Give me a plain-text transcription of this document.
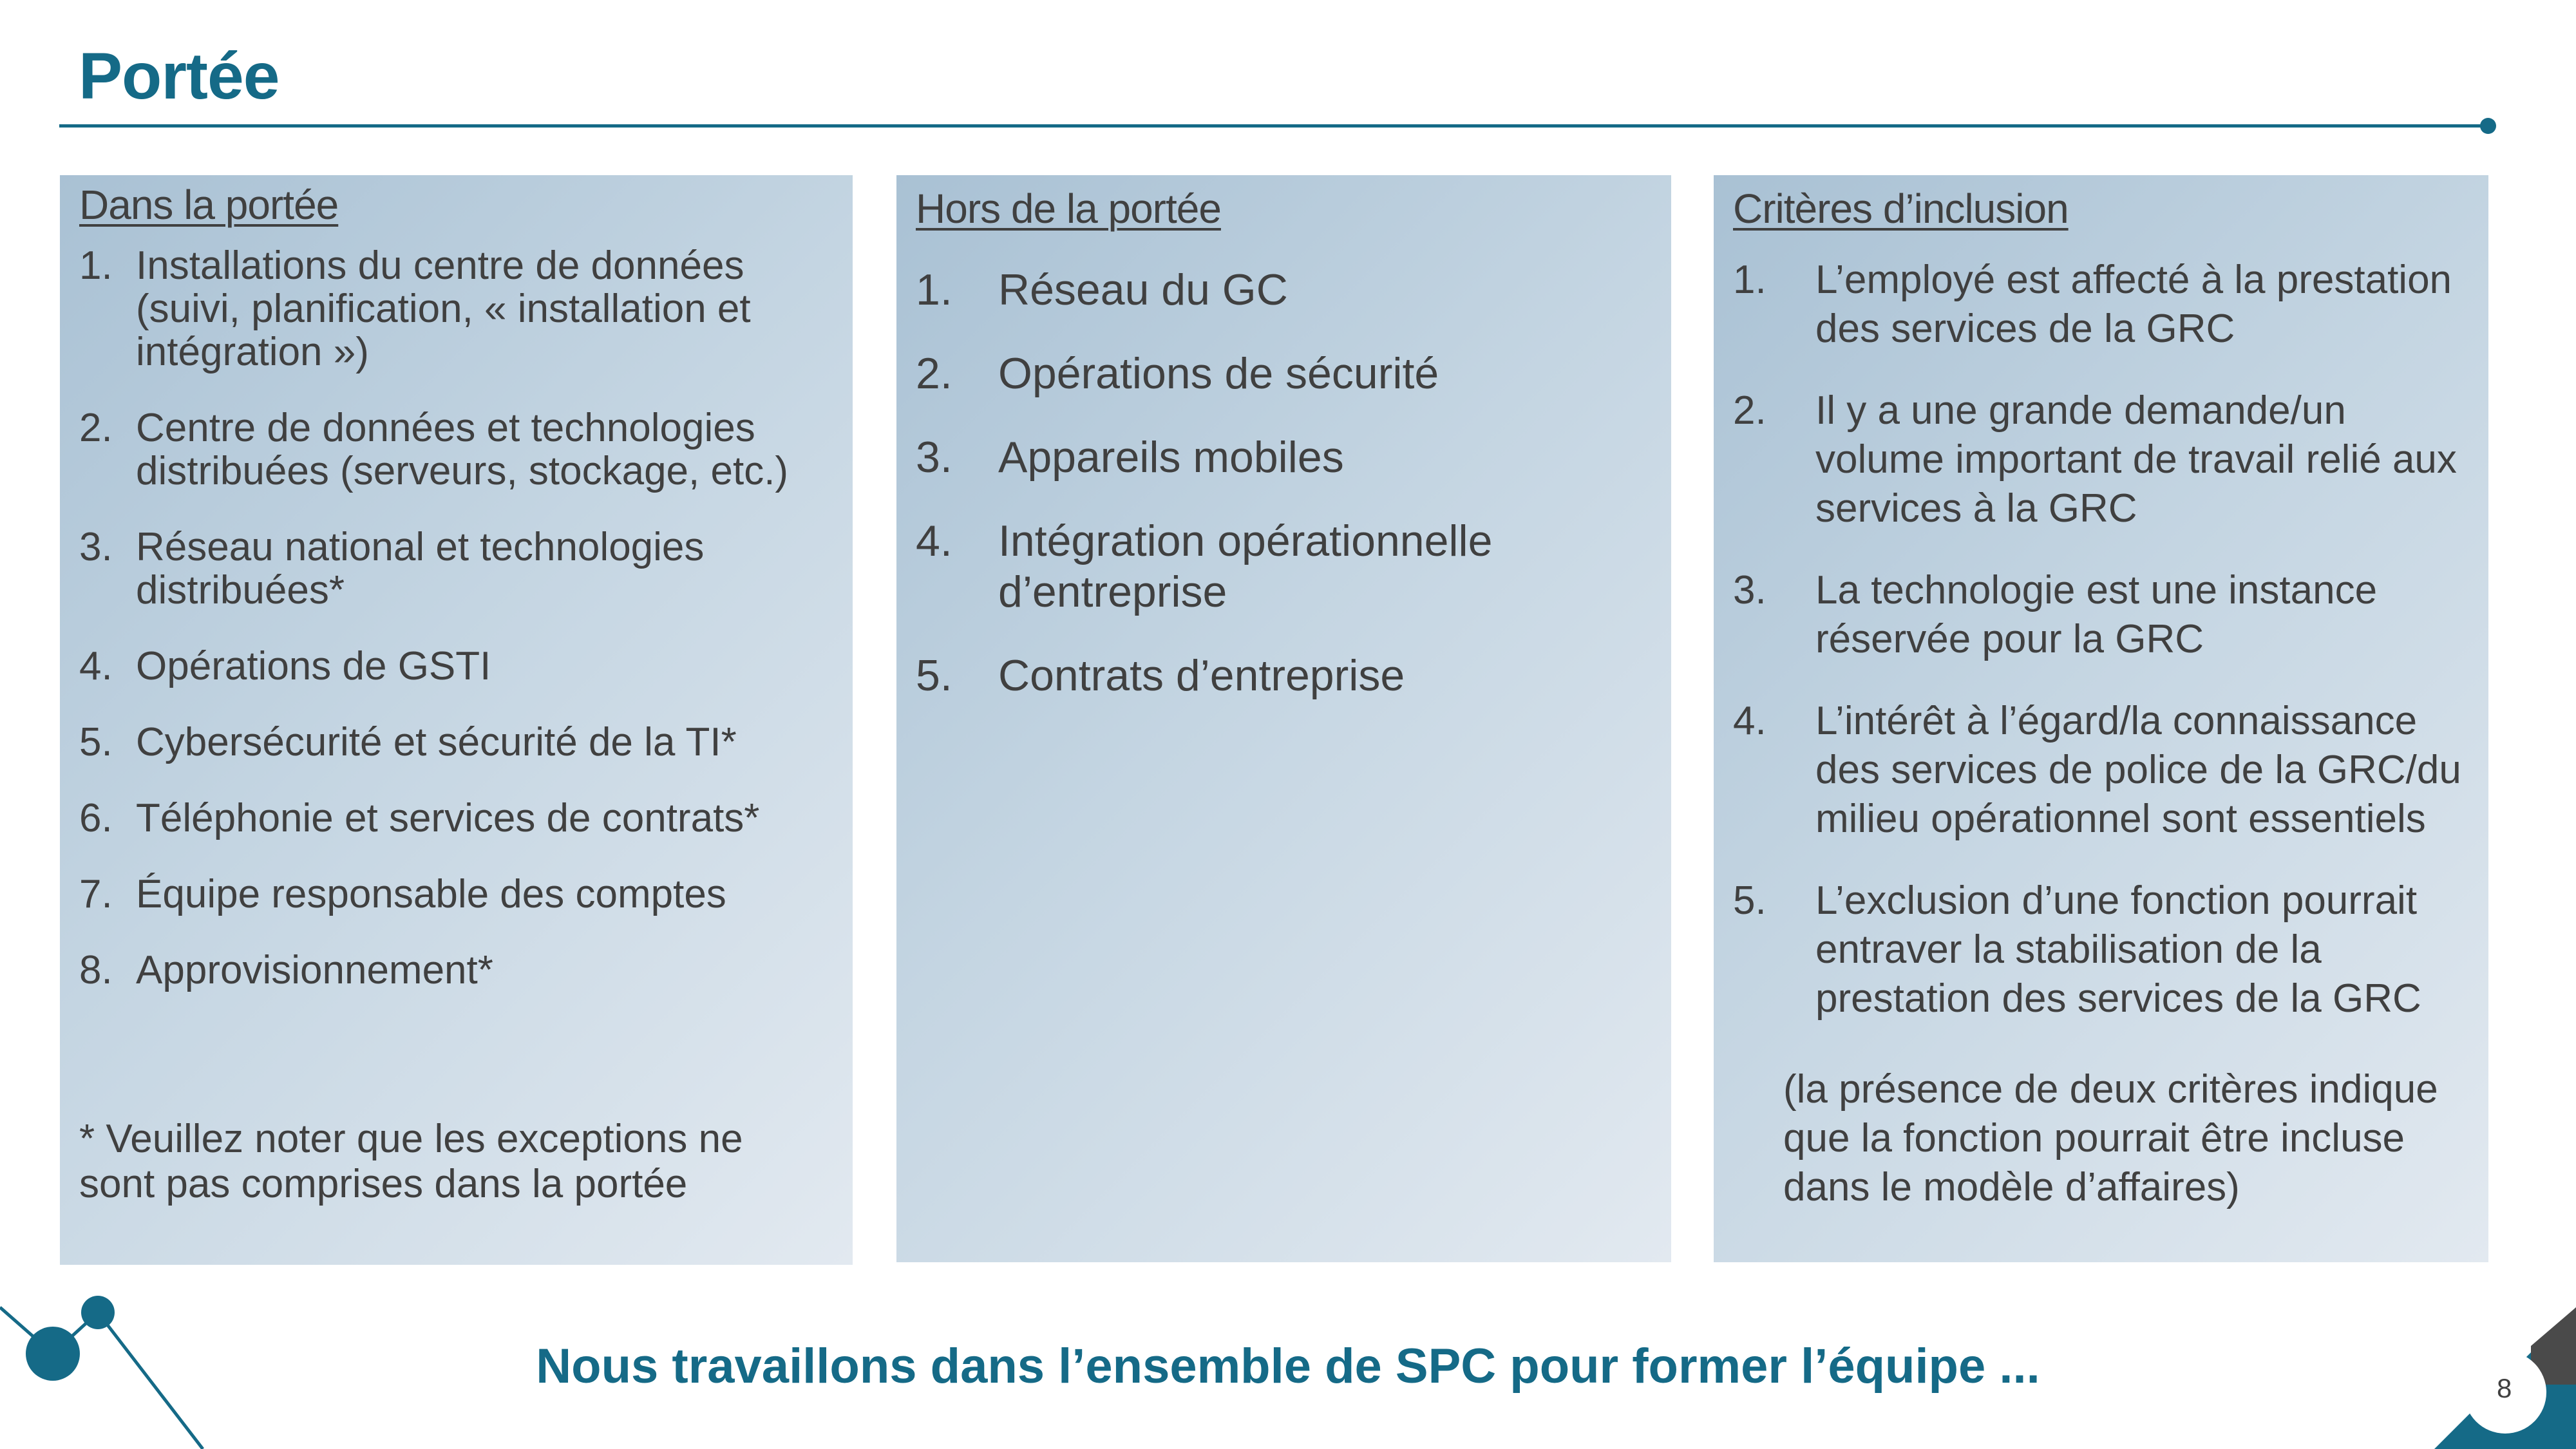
Portée
Dans la portée
1. Installations du centre de données (suivi, planification, « installation et intégration »)
2. Centre de données et technologies distribuées (serveurs, stockage, etc.)
3. Réseau national et technologies distribuées*
4. Opérations de GSTI
5. Cybersécurité et sécurité de la TI*
6. Téléphonie et services de contrats*
7. Équipe responsable des comptes
8. Approvisionnement*
* Veuillez noter que les exceptions ne sont pas comprises dans la portée
Hors de la portée
1.	Réseau du GC
2.	Opérations de sécurité
3.	Appareils mobiles
4.	Intégration opérationnelle d’entreprise
5.	Contrats d’entreprise
Critères d’inclusion
1.	L’employé est affecté à la prestation des services de la GRC
2.	Il y a une grande demande/un volume important de travail relié aux services à la GRC
3.	La technologie est une instance réservée pour la GRC
4.	L’intérêt à l’égard/la connaissance des services de police de la GRC/du milieu opérationnel sont essentiels
5.	L’exclusion d’une fonction pourrait entraver la stabilisation de la prestation des services de la GRC
(la présence de deux critères indique que la fonction pourrait être incluse dans le modèle d’affaires)
Nous travaillons dans l’ensemble de SPC pour former l’équipe ...	8
